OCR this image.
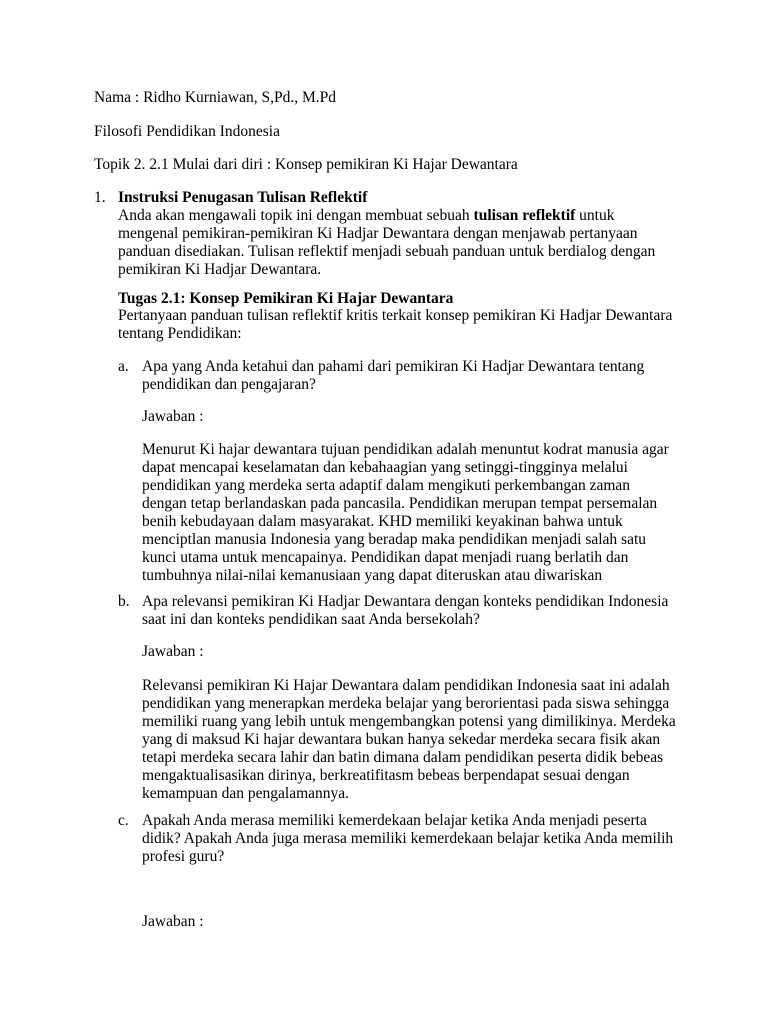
Nama : Ridho Kurniawan, S,Pd., M.Pd
Filosofi Pendidikan Indonesia
Topik 2. 2.1 Mulai dari diri : Konsep pemikiran Ki Hajar Dewantara
1. Instruksi Penugasan Tulisan Reflektif
Anda akan mengawali topik ini dengan membuat sebuah tulisan reflektif untuk
mengenal pemikiran-pemikiran Ki Hadjar Dewantara dengan menjawab pertanyaan
panduan disediakan. Tulisan reflektif menjadi sebuah panduan untuk berdialog dengan
pemikiran Ki Hadjar Dewantara.
Tugas 2.1: Konsep Pemikiran Ki Hajar Dewantara
Pertanyaan panduan tulisan reflektif kritis terkait konsep pemikiran Ki Hadjar Dewantara
tentang Pendidikan:
a. Apa yang Anda ketahui dan pahami dari pemikiran Ki Hadjar Dewantara tentang
pendidikan dan pengajaran?
Jawaban :
Menurut Ki hajar dewantara tujuan pendidikan adalah menuntut kodrat manusia agar
dapat mencapai keselamatan dan kebahaagian yang setinggi-tingginya melalui
pendidikan yang merdeka serta adaptif dalam mengikuti perkembangan zaman
dengan tetap berlandaskan pada pancasila. Pendidikan merupan tempat persemalan
benih kebudayaan dalam masyarakat. KHD memiliki keyakinan bahwa untuk
menciptlan manusia Indonesia yang beradap maka pendidikan menjadi salah satu
kunci utama untuk mencapainya. Pendidikan dapat menjadi ruang berlatih dan
tumbuhnya nilai-nilai kemanusiaan yang dapat diteruskan atau diwariskan
b. Apa relevansi pemikiran Ki Hadjar Dewantara dengan konteks pendidikan Indonesia
saat ini dan konteks pendidikan saat Anda bersekolah?
Jawaban :
Relevansi pemikiran Ki Hajar Dewantara dalam pendidikan Indonesia saat ini adalah
pendidikan yang menerapkan merdeka belajar yang berorientasi pada siswa sehingga
memiliki ruang yang lebih untuk mengembangkan potensi yang dimilikinya. Merdeka
yang di maksud Ki hajar dewantara bukan hanya sekedar merdeka secara fisik akan
tetapi merdeka secara lahir dan batin dimana dalam pendidikan peserta didik bebeas
mengaktualisasikan dirinya, berkreatifitasm bebeas berpendapat sesuai dengan
kemampuan dan pengalamannya.
c. Apakah Anda merasa memiliki kemerdekaan belajar ketika Anda menjadi peserta
didik? Apakah Anda juga merasa memiliki kemerdekaan belajar ketika Anda memilih
profesi guru?
Jawaban :
